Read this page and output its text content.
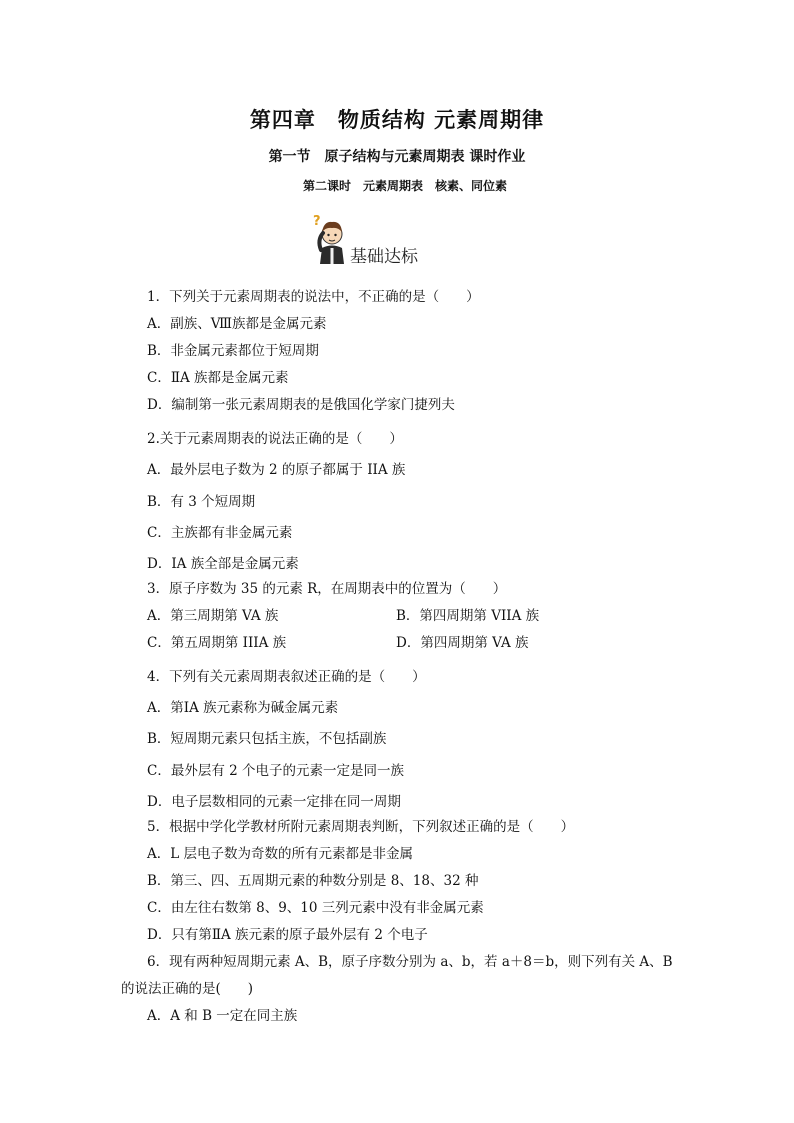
第四章　物质结构 元素周期律
第一节　原子结构与元素周期表 课时作业
第二课时　元素周期表　核素、同位素
?
基础达标
1．下列关于元素周期表的说法中，不正确的是（　　）
A．副族、Ⅷ族都是金属元素
B．非金属元素都位于短周期
C．ⅡA 族都是金属元素
D．编制第一张元素周期表的是俄国化学家门捷列夫
2.关于元素周期表的说法正确的是（　　）
A．最外层电子数为 2 的原子都属于 IIA 族
B．有 3 个短周期
C．主族都有非金属元素
D．IA 族全部是金属元素
3．原子序数为 35 的元素 R，在周期表中的位置为（　　）
A．第三周期第 VA 族	B．第四周期第 VIIA 族
C．第五周期第 IIIA 族	D．第四周期第 VA 族
4．下列有关元素周期表叙述正确的是（　　）
A．第ⅠA 族元素称为碱金属元素
B．短周期元素只包括主族，不包括副族
C．最外层有 2 个电子的元素一定是同一族
D．电子层数相同的元素一定排在同一周期
5．根据中学化学教材所附元素周期表判断，下列叙述正确的是（　　）
A．L 层电子数为奇数的所有元素都是非金属
B．第三、四、五周期元素的种数分别是 8、18、32 种
C．由左往右数第 8、9、10 三列元素中没有非金属元素
D．只有第ⅡA 族元素的原子最外层有 2 个电子
6．现有两种短周期元素 A、B，原子序数分别为 a、b，若 a＋8＝b，则下列有关 A、B
的说法正确的是(　　)
A．A 和 B 一定在同主族
